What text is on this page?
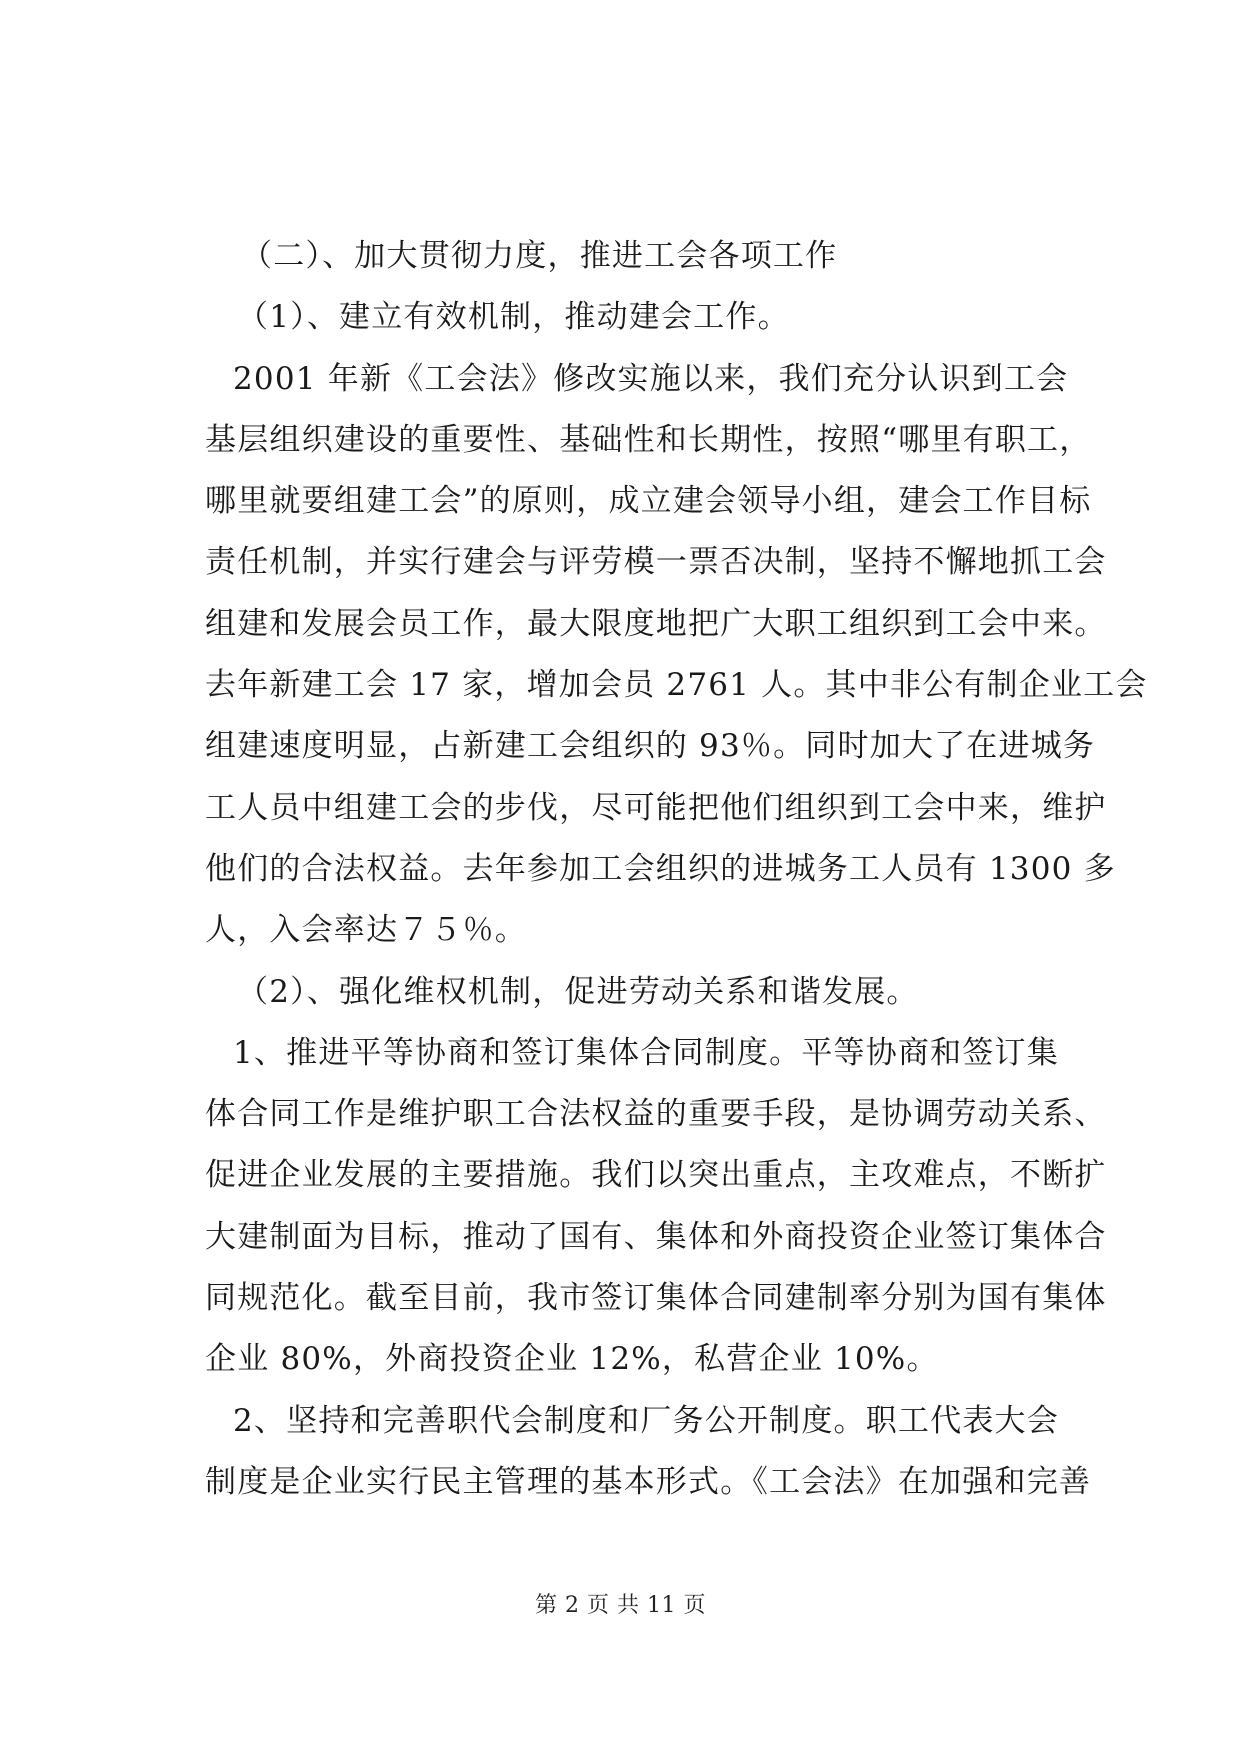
（二）、加大贯彻力度，推进工会各项工作
（1）、建立有效机制，推动建会工作。
2001 年新《工会法》修改实施以来，我们充分认识到工会
基层组织建设的重要性、基础性和长期性，按照“哪里有职工，
哪里就要组建工会”的原则，成立建会领导小组，建会工作目标
责任机制，并实行建会与评劳模一票否决制，坚持不懈地抓工会
组建和发展会员工作，最大限度地把广大职工组织到工会中来。
去年新建工会 17 家，增加会员 2761 人。其中非公有制企业工会
组建速度明显，占新建工会组织的 93％。同时加大了在进城务
工人员中组建工会的步伐，尽可能把他们组织到工会中来，维护
他们的合法权益。去年参加工会组织的进城务工人员有 1300 多
人，入会率达７５％。
（2）、强化维权机制，促进劳动关系和谐发展。
1、推进平等协商和签订集体合同制度。平等协商和签订集
体合同工作是维护职工合法权益的重要手段，是协调劳动关系、
促进企业发展的主要措施。我们以突出重点，主攻难点，不断扩
大建制面为目标，推动了国有、集体和外商投资企业签订集体合
同规范化。截至目前，我市签订集体合同建制率分别为国有集体
企业 80%，外商投资企业 12%，私营企业 10%。
2、坚持和完善职代会制度和厂务公开制度。职工代表大会
制度是企业实行民主管理的基本形式。《工会法》在加强和完善
第 2 页 共 11 页
